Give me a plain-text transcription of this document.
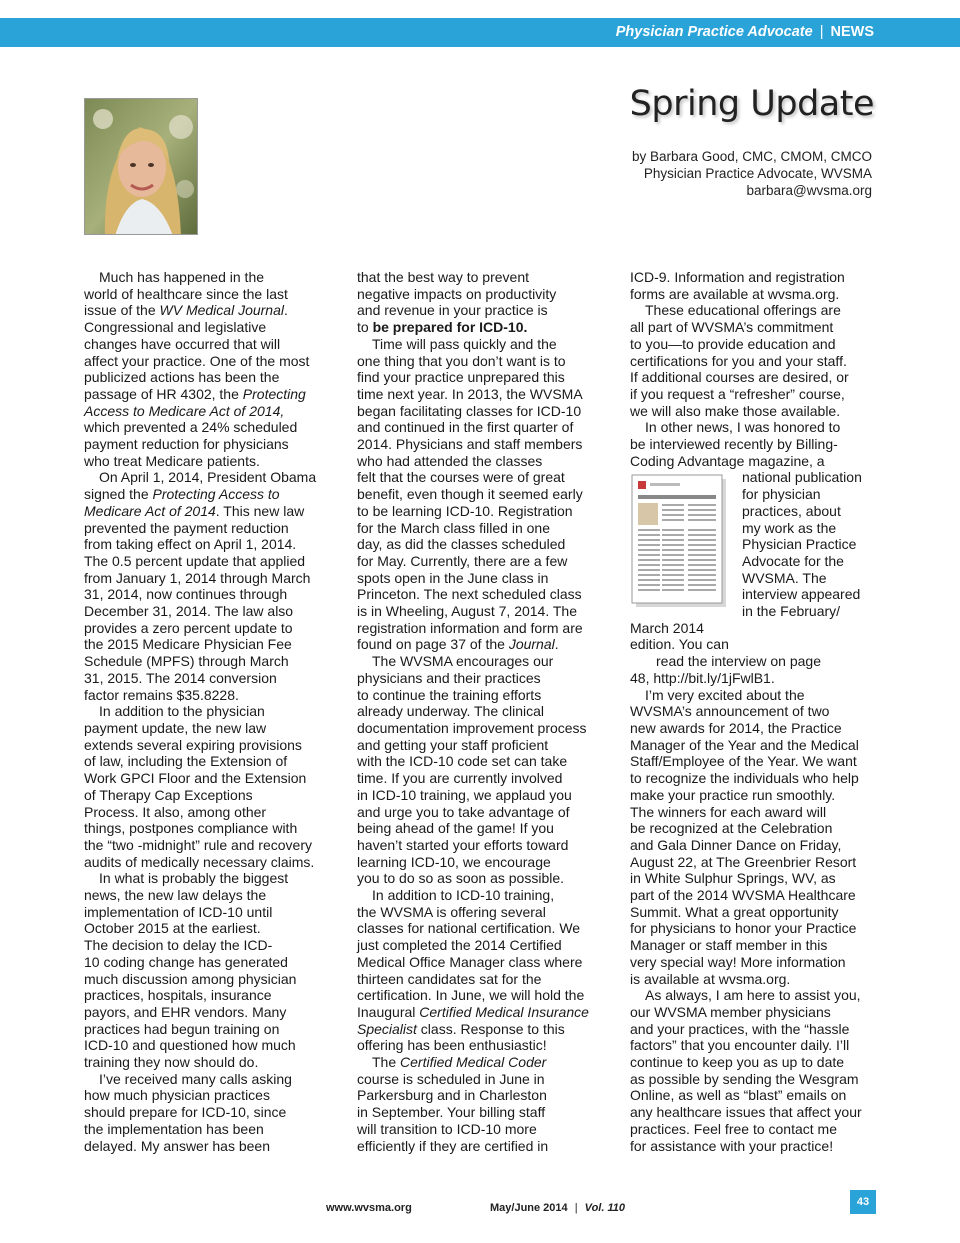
Physician Practice Advocate | NEWS
Spring Update
by Barbara Good, CMC, CMOM, CMCO
Physician Practice Advocate, WVSMA
barbara@wvsma.org
Much has happened in the
world of healthcare since the last
issue of the WV Medical Journal.
Congressional and legislative
changes have occurred that will
affect your practice. One of the most
publicized actions has been the
passage of HR 4302, the Protecting
Access to Medicare Act of 2014,
which prevented a 24% scheduled
payment reduction for physicians
who treat Medicare patients.
On April 1, 2014, President Obama
signed the Protecting Access to
Medicare Act of 2014. This new law
prevented the payment reduction
from taking effect on April 1, 2014.
The 0.5 percent update that applied
from January 1, 2014 through March
31, 2014, now continues through
December 31, 2014. The law also
provides a zero percent update to
the 2015 Medicare Physician Fee
Schedule (MPFS) through March
31, 2015. The 2014 conversion
factor remains $35.8228.
In addition to the physician
payment update, the new law
extends several expiring provisions
of law, including the Extension of
Work GPCI Floor and the Extension
of Therapy Cap Exceptions
Process. It also, among other
things, postpones compliance with
the “two -midnight” rule and recovery
audits of medically necessary claims.
In what is probably the biggest
news, the new law delays the
implementation of ICD-10 until
October 2015 at the earliest.
The decision to delay the ICD-
10 coding change has generated
much discussion among physician
practices, hospitals, insurance
payors, and EHR vendors. Many
practices had begun training on
ICD-10 and questioned how much
training they now should do.
I’ve received many calls asking
how much physician practices
should prepare for ICD-10, since
the implementation has been
delayed. My answer has been
that the best way to prevent
negative impacts on productivity
and revenue in your practice is
to be prepared for ICD-10.
Time will pass quickly and the
one thing that you don’t want is to
find your practice unprepared this
time next year. In 2013, the WVSMA
began facilitating classes for ICD-10
and continued in the first quarter of
2014. Physicians and staff members
who had attended the classes
felt that the courses were of great
benefit, even though it seemed early
to be learning ICD-10. Registration
for the March class filled in one
day, as did the classes scheduled
for May. Currently, there are a few
spots open in the June class in
Princeton. The next scheduled class
is in Wheeling, August 7, 2014. The
registration information and form are
found on page 37 of the Journal.
The WVSMA encourages our
physicians and their practices
to continue the training efforts
already underway. The clinical
documentation improvement process
and getting your staff proficient
with the ICD-10 code set can take
time. If you are currently involved
in ICD-10 training, we applaud you
and urge you to take advantage of
being ahead of the game! If you
haven’t started your efforts toward
learning ICD-10, we encourage
you to do so as soon as possible.
In addition to ICD-10 training,
the WVSMA is offering several
classes for national certification. We
just completed the 2014 Certified
Medical Office Manager class where
thirteen candidates sat for the
certification. In June, we will hold the
Inaugural Certified Medical Insurance
Specialist class. Response to this
offering has been enthusiastic!
The Certified Medical Coder
course is scheduled in June in
Parkersburg and in Charleston
in September. Your billing staff
will transition to ICD-10 more
efficiently if they are certified in
ICD-9. Information and registration
forms are available at wvsma.org.
These educational offerings are
all part of WVSMA’s commitment
to you—to provide education and
certifications for you and your staff.
If additional courses are desired, or
if you request a “refresher” course,
we will also make those available.
In other news, I was honored to
be interviewed recently by Billing-
Coding Advantage magazine, a
national publication
for physician
practices, about
my work as the
Physician Practice
Advocate for the
WVSMA. The
interview appeared
in the February/
March 2014
edition. You can
read the interview on page
48, http://bit.ly/1jFwlB1.
I’m very excited about the
WVSMA’s announcement of two
new awards for 2014, the Practice
Manager of the Year and the Medical
Staff/Employee of the Year. We want
to recognize the individuals who help
make your practice run smoothly.
The winners for each award will
be recognized at the Celebration
and Gala Dinner Dance on Friday,
August 22, at The Greenbrier Resort
in White Sulphur Springs, WV, as
part of the 2014 WVSMA Healthcare
Summit. What a great opportunity
for physicians to honor your Practice
Manager or staff member in this
very special way! More information
is available at wvsma.org.
As always, I am here to assist you,
our WVSMA member physicians
and your practices, with the “hassle
factors” that you encounter daily. I’ll
continue to keep you as up to date
as possible by sending the Wesgram
Online, as well as “blast” emails on
any healthcare issues that affect your
practices. Feel free to contact me
for assistance with your practice!
www.wvsma.org	May/June 2014 | Vol. 110	43
